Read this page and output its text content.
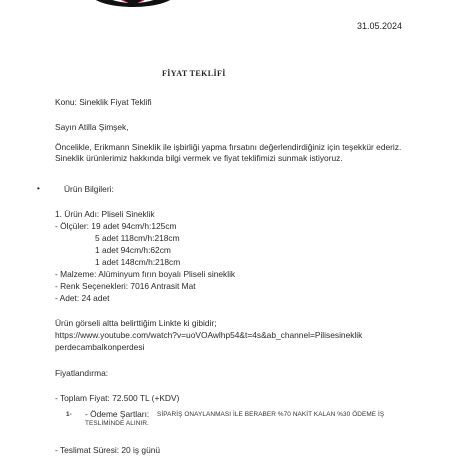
31.05.2024
FİYAT TEKLİFİ
Konu: Sineklik Fiyat Teklifi
Sayın Atilla Şimşek,
Öncelikle, Erikmann Sineklik ile işbirliği yapma fırsatını değerlendirdiğiniz için teşekkür ederiz.
Sineklik ürünlerimiz hakkında bilgi vermek ve fiyat teklifimizi sunmak istiyoruz.
•	Ürün Bilgileri:
1. Ürün Adı: Pliseli Sineklik
- Ölçüler: 19 adet 94cm/h:125cm
5 adet 118cm/h:218cm
1 adet 94cm/h:62cm
1 adet 148cm/h:218cm
- Malzeme: Alüminyum fırın boyalı Pliseli sineklik
- Renk Seçenekleri: 7016 Antrasit Mat
- Adet: 24 adet
Ürün görseli altta belirttiğim Linkte ki gibidir;
https://www.youtube.com/watch?v=uoVOAwlhp54&t=4s&ab_channel=Pilisesineklik
perdecambalkonperdesi
Fiyatlandırma:
- Toplam Fiyat: 72.500 TL (+KDV)
1- - Ödeme Şartları: SİPARİŞ ONAYLANMASI İLE BERABER %70 NAKİT KALAN %30 ÖDEME İŞ
TESLİMİNDE ALINIR.
- Teslimat Süresi: 20 iş günü
